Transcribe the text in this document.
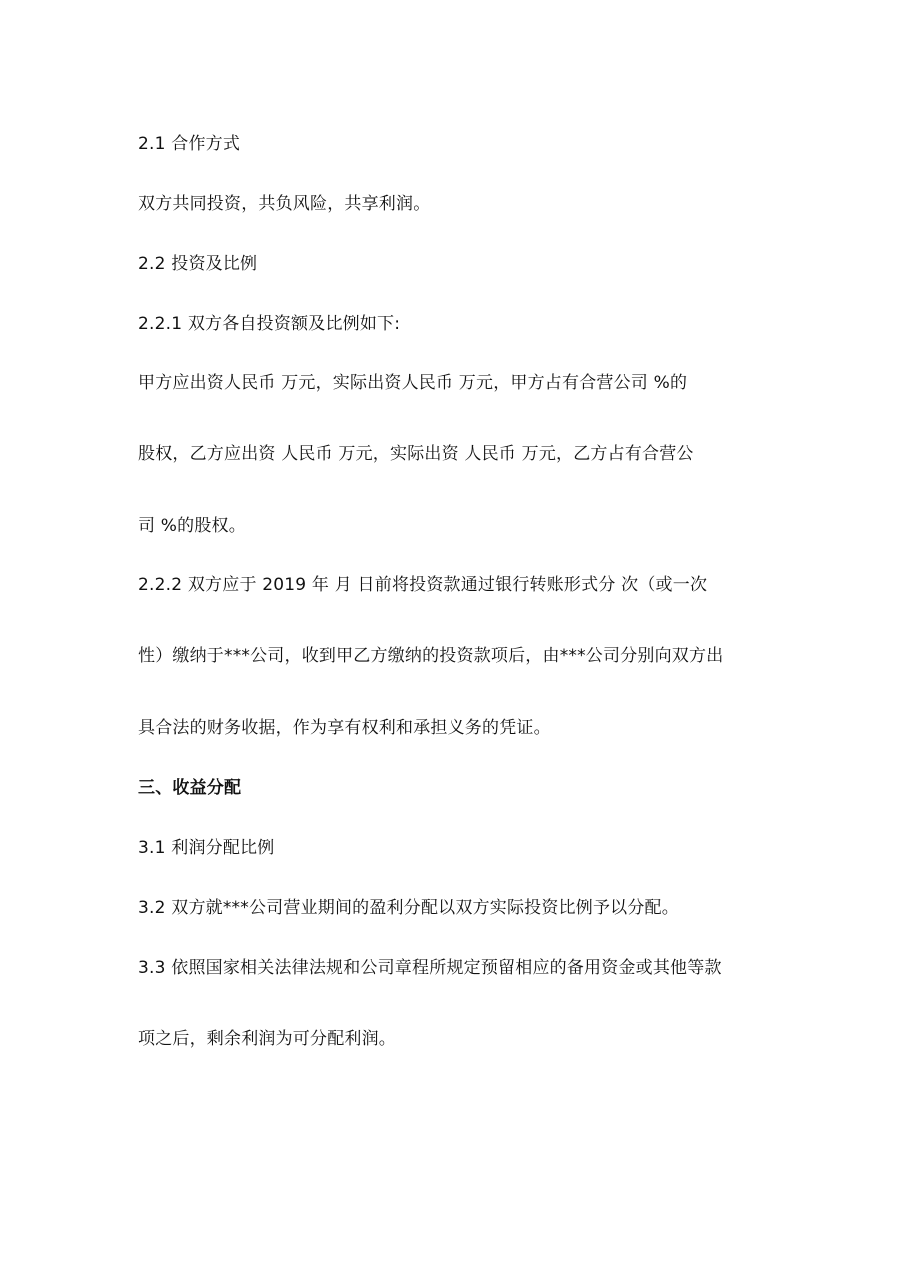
2.1 合作方式
双方共同投资，共负风险，共享利润。
2.2 投资及比例
2.2.1 双方各自投资额及比例如下:
甲方应出资人民币 万元，实际出资人民币 万元，甲方占有合营公司 %的
股权，乙方应出资 人民币 万元，实际出资 人民币 万元，乙方占有合营公
司 %的股权。
2.2.2 双方应于 2019 年 月 日前将投资款通过银行转账形式分 次（或一次
性）缴纳于***公司，收到甲乙方缴纳的投资款项后，由***公司分别向双方出
具合法的财务收据，作为享有权利和承担义务的凭证。
三、收益分配
3.1 利润分配比例
3.2 双方就***公司营业期间的盈利分配以双方实际投资比例予以分配。
3.3 依照国家相关法律法规和公司章程所规定预留相应的备用资金或其他等款
项之后，剩余利润为可分配利润。
